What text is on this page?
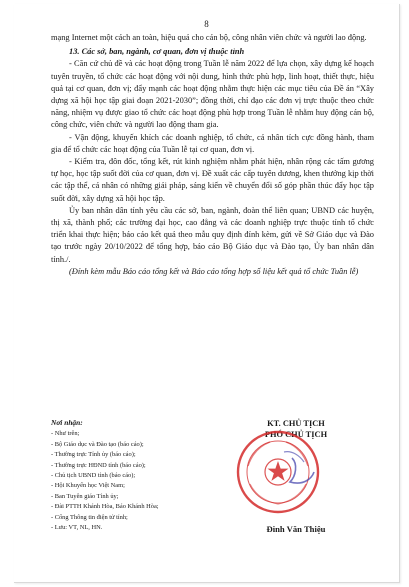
8

mạng Internet một cách an toàn, hiệu quả cho cán bộ, công nhân viên chức và người lao động.

13. Các sở, ban, ngành, cơ quan, đơn vị thuộc tỉnh

- Căn cứ chủ đề và các hoạt động trong Tuần lễ năm 2022 để lựa chọn, xây dựng kế hoạch tuyên truyền, tổ chức các hoạt động với nội dung, hình thức phù hợp, linh hoạt, thiết thực, hiệu quả tại cơ quan, đơn vị; đẩy mạnh các hoạt động nhằm thực hiện các mục tiêu của Đề án “Xây dựng xã hội học tập giai đoạn 2021-2030”; đồng thời, chỉ đạo các đơn vị trực thuộc theo chức năng, nhiệm vụ được giao tổ chức các hoạt động phù hợp trong Tuần lễ nhằm huy động cán bộ, công chức, viên chức và người lao động tham gia.

- Vận động, khuyến khích các doanh nghiệp, tổ chức, cá nhân tích cực đồng hành, tham gia để tổ chức các hoạt động của Tuần lễ tại cơ quan, đơn vị.

- Kiểm tra, đôn đốc, tổng kết, rút kinh nghiệm nhằm phát hiện, nhân rộng các tấm gương tự học, học tập suốt đời của cơ quan, đơn vị. Đề xuất các cấp tuyên dương, khen thưởng kịp thời các tập thể, cá nhân có những giải pháp, sáng kiến về chuyển đổi số góp phần thúc đẩy học tập suốt đời, xây dựng xã hội học tập.

Ủy ban nhân dân tỉnh yêu cầu các sở, ban, ngành, đoàn thể liên quan; UBND các huyện, thị xã, thành phố; các trường đại học, cao đẳng và các doanh nghiệp trực thuộc tỉnh tổ chức triển khai thực hiện; báo cáo kết quả theo mẫu quy định đính kèm, gửi về Sở Giáo dục và Đào tạo trước ngày 20/10/2022 để tổng hợp, báo cáo Bộ Giáo dục và Đào tạo, Ủy ban nhân dân tỉnh./.

(Đính kèm mẫu Báo cáo tổng kết và Báo cáo tổng hợp số liệu kết quả tổ chức Tuần lễ)

Nơi nhận:
- Như trên;
- Bộ Giáo dục và Đào tạo (báo cáo);
- Thường trực Tỉnh ủy (báo cáo);
- Thường trực HĐND tỉnh (báo cáo);
- Chủ tịch UBND tỉnh (báo cáo);
- Hội Khuyến học Việt Nam;
- Ban Tuyên giáo Tỉnh ủy;
- Đài PTTH Khánh Hòa, Báo Khánh Hòa;
- Cổng Thông tin điện tử tỉnh;
- Lưu: VT, NL, HN.
KT. CHỦ TỊCH
PHÓ CHỦ TỊCH
Đinh Văn Thiệu
